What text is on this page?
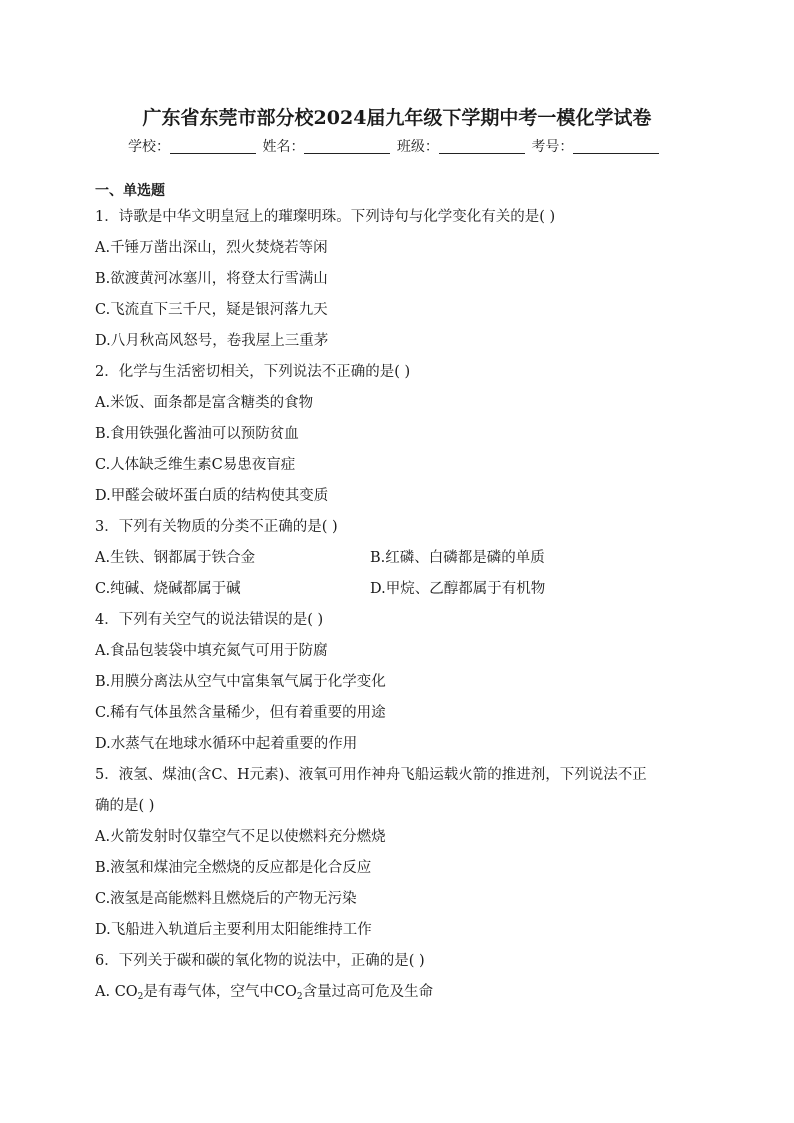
广东省东莞市部分校2024届九年级下学期中考一模化学试卷
学校：	姓名：	班级：	考号：
一、单选题
1．诗歌是中华文明皇冠上的璀璨明珠。下列诗句与化学变化有关的是( )
A.千锤万凿出深山，烈火焚烧若等闲
B.欲渡黄河冰塞川，将登太行雪满山
C.飞流直下三千尺，疑是银河落九天
D.八月秋高风怒号，卷我屋上三重茅
2．化学与生活密切相关，下列说法不正确的是( )
A.米饭、面条都是富含糖类的食物
B.食用铁强化酱油可以预防贫血
C.人体缺乏维生素C易患夜盲症
D.甲醛会破坏蛋白质的结构使其变质
3．下列有关物质的分类不正确的是( )
A.生铁、钢都属于铁合金	B.红磷、白磷都是磷的单质
C.纯碱、烧碱都属于碱	D.甲烷、乙醇都属于有机物
4．下列有关空气的说法错误的是( )
A.食品包装袋中填充氮气可用于防腐
B.用膜分离法从空气中富集氧气属于化学变化
C.稀有气体虽然含量稀少，但有着重要的用途
D.水蒸气在地球水循环中起着重要的作用
5．液氢、煤油(含C、H元素)、液氧可用作神舟飞船运载火箭的推进剂，下列说法不正
确的是( )
A.火箭发射时仅靠空气不足以使燃料充分燃烧
B.液氢和煤油完全燃烧的反应都是化合反应
C.液氢是高能燃料且燃烧后的产物无污染
D.飞船进入轨道后主要利用太阳能维持工作
6．下列关于碳和碳的氧化物的说法中，正确的是( )
A. $CO_2$是有毒气体，空气中$CO_2$含量过高可危及生命
